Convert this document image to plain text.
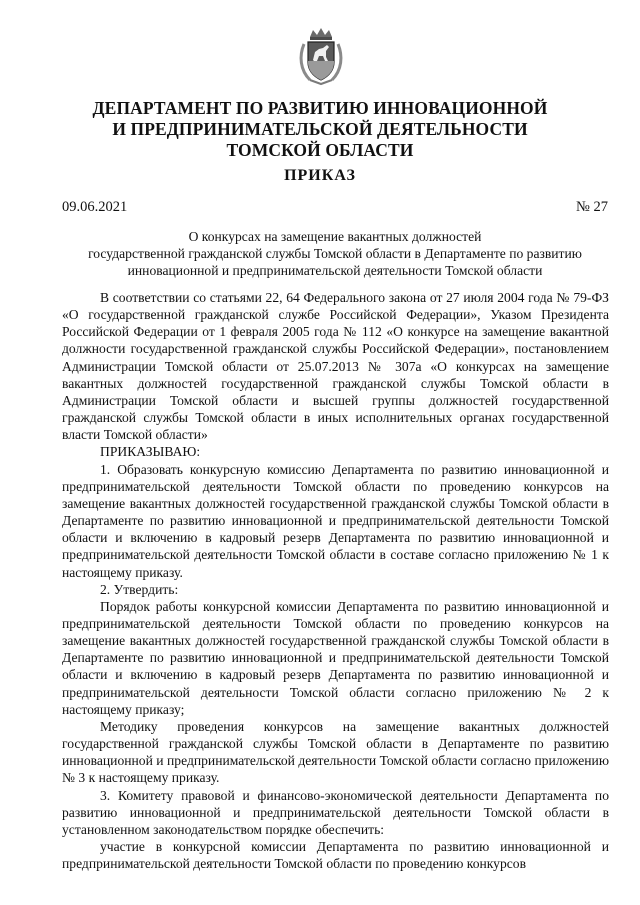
ДЕПАРТАМЕНТ ПО РАЗВИТИЮ ИННОВАЦИОННОЙ
И ПРЕДПРИНИМАТЕЛЬСКОЙ ДЕЯТЕЛЬНОСТИ
ТОМСКОЙ ОБЛАСТИ
ПРИКАЗ
09.06.2021	№ 27
О конкурсах на замещение вакантных должностей
государственной гражданской службы Томской области в Департаменте по развитию
инновационной и предпринимательской деятельности Томской области

В соответствии со статьями 22, 64 Федерального закона от 27 июля 2004 года № 79-ФЗ «О государственной гражданской службе Российской Федерации», Указом Президента Российской Федерации от 1 февраля 2005 года № 112 «О конкурсе на замещение вакантной должности государственной гражданской службы Российской Федерации», постановлением Администрации Томской области от 25.07.2013 № 307а «О конкурсах на замещение вакантных должностей государственной гражданской службы Томской области в Администрации Томской области и высшей группы должностей государственной гражданской службы Томской области в иных исполнительных органах государственной власти Томской области»

ПРИКАЗЫВАЮ:

1. Образовать конкурсную комиссию Департамента по развитию инновационной и предпринимательской деятельности Томской области по проведению конкурсов на замещение вакантных должностей государственной гражданской службы Томской области в Департаменте по развитию инновационной и предпринимательской деятельности Томской области и включению в кадровый резерв Департамента по развитию инновационной и предпринимательской деятельности Томской области в составе согласно приложению № 1 к настоящему приказу.

2. Утвердить:

Порядок работы конкурсной комиссии Департамента по развитию инновационной и предпринимательской деятельности Томской области по проведению конкурсов на замещение вакантных должностей государственной гражданской службы Томской области в Департаменте по развитию инновационной и предпринимательской деятельности Томской области и включению в кадровый резерв Департамента по развитию инновационной и предпринимательской деятельности Томской области согласно приложению № 2 к настоящему приказу;

Методику проведения конкурсов на замещение вакантных должностей государственной гражданской службы Томской области в Департаменте по развитию инновационной и предпринимательской деятельности Томской области согласно приложению № 3 к настоящему приказу.

3. Комитету правовой и финансово-экономической деятельности Департамента по развитию инновационной и предпринимательской деятельности Томской области в установленном законодательством порядке обеспечить:

участие в конкурсной комиссии Департамента по развитию инновационной и предпринимательской деятельности Томской области по проведению конкурсов
